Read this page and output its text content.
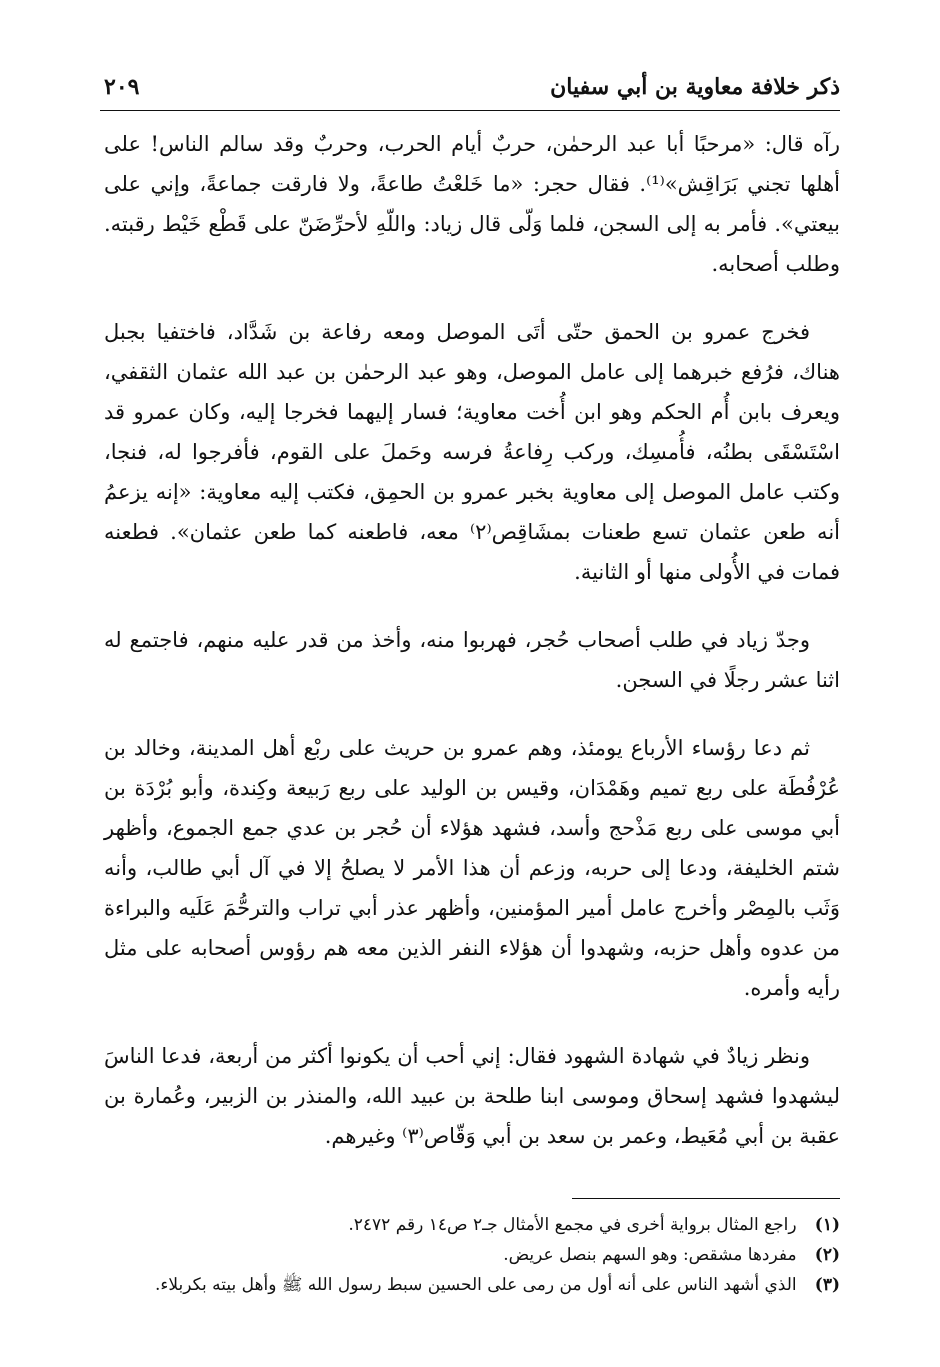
ذكر خلافة معاوية بن أبي سفيان
٢٠٩

رآه قال: «مرحبًا أبا عبد الرحمٰن، حربٌ أيام الحرب، وحربٌ وقد سالم الناس! على أهلها تجني بَرَاقِش»⁽¹⁾. فقال حجر: «ما خَلعْتُ طاعةً، ولا فارقت جماعةً، وإني على بيعتي». فأمر به إلى السجن، فلما وَلّى قال زياد: واللّهِ لأحرِّضَنّ على قَطْع خَيْط رقبته. وطلب أصحابه.

فخرج عمرو بن الحمق حتّى أتَى الموصل ومعه رفاعة بن شَدَّاد، فاختفيا بجبل هناك، فرُفع خبرهما إلى عامل الموصل، وهو عبد الرحمٰن بن عبد الله عثمان الثقفي، ويعرف بابن أُم الحكم وهو ابن أُخت معاوية؛ فسار إليهما فخرجا إليه، وكان عمرو قد اسْتَسْقَى بطنُه، فأُمسِك، وركب رِفاعةُ فرسه وحَملَ على القوم، فأفرجوا له، فنجا، وكتب عامل الموصل إلى معاوية بخبر عمرو بن الحمِق، فكتب إليه معاوية: «إنه يزعمُ أنه طعن عثمان تسع طعنات بمشَاقِص⁽٢⁾ معه، فاطعنه كما طعن عثمان». فطعنه فمات في الأُولى منها أو الثانية.

وجدّ زياد في طلب أصحاب حُجر، فهربوا منه، وأخذ من قدر عليه منهم، فاجتمع له اثنا عشر رجلًا في السجن.

ثم دعا رؤساء الأرباع يومئذ، وهم عمرو بن حريث على ربْع أهل المدينة، وخالد بن عُرْفُطَة على ربع تميم وهَمْدَان، وقيس بن الوليد على ربع رَبيعة وكِندة، وأبو بُرْدَة بن أبي موسى على ربع مَذْحج وأسد، فشهد هؤلاء أن حُجر بن عدي جمع الجموع، وأظهر شتم الخليفة، ودعا إلى حربه، وزعم أن هذا الأمر لا يصلحُ إلا في آل أبي طالب، وأنه وَثَب بالمِصْر وأخرج عامل أمير المؤمنين، وأظهر عذر أبي تراب والترحُّمَ عَلَيه والبراءة من عدوه وأهل حزبه، وشهدوا أن هؤلاء النفر الذين معه هم رؤوس أصحابه على مثل رأيه وأمره.

ونظر زيادٌ في شهادة الشهود فقال: إني أحب أن يكونوا أكثر من أربعة، فدعا الناسَ ليشهدوا فشهد إسحاق وموسى ابنا طلحة بن عبيد الله، والمنذر بن الزبير، وعُمارة بن عقبة بن أبي مُعَيط، وعمر بن سعد بن أبي وَقّاص⁽٣⁾ وغيرهم.

(١) راجع المثال برواية أخرى في مجمع الأمثال جـ٢ ص١٤ رقم ٢٤٧٢.
(٢) مفردها مشقص: وهو السهم بنصل عريض.
(٣) الذي أشهد الناس على أنه أول من رمى على الحسين سبط رسول الله ﷺ وأهل بيته بكربلاء.
